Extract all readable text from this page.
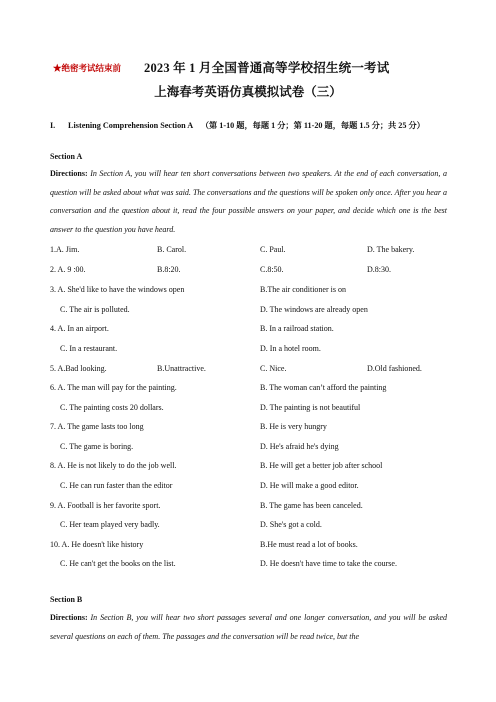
★绝密考试结束前 2023 年 1 月全国普通高等学校招生统一考试
上海春考英语仿真模拟试卷（三）
I. Listening Comprehension Section A （第 1-10 题，每题 1 分；第 11-20 题，每题 1.5 分；共 25 分）
Section A
Directions: In Section A, you will hear ten short conversations between two speakers. At the end of each conversation, a question will be asked about what was said. The conversations and the questions will be spoken only once. After you hear a conversation and the question about it, read the four possible answers on your paper, and decide which one is the best answer to the question you have heard.
1.A. Jim.	B. Carol.	C. Paul.	D. The bakery.
2. A. 9 :00.	B.8:20.	C.8:50.	D.8:30.
3. A. She'd like to have the windows open	B.The air conditioner is on
C. The air is polluted.	D. The windows are already open
4. A. In an airport.	B. In a railroad station.
C. In a restaurant.	D. In a hotel room.
5. A.Bad looking.	B.Unattractive.	C. Nice.	D.Old fashioned.
6. A. The man will pay for the painting.	B. The woman can’t afford the painting
C. The painting costs 20 dollars.	D. The painting is not beautiful
7. A. The game lasts too long	B. He is very hungry
C. The game is boring.	D. He's afraid he's dying
8. A. He is not likely to do the job well.	B. He will get a better job after school
C. He can run faster than the editor	D. He will make a good editor.
9. A. Football is her favorite sport.	B. The game has been canceled.
C. Her team played very badly.	D. She's got a cold.
10. A. He doesn't like history	B.He must read a lot of books.
C. He can't get the books on the list.	D. He doesn't have time to take the course.
Section B
Directions: In Section B, you will hear two short passages several and one longer conversation, and you will be asked several questions on each of them. The passages and the conversation will be read twice, but the
